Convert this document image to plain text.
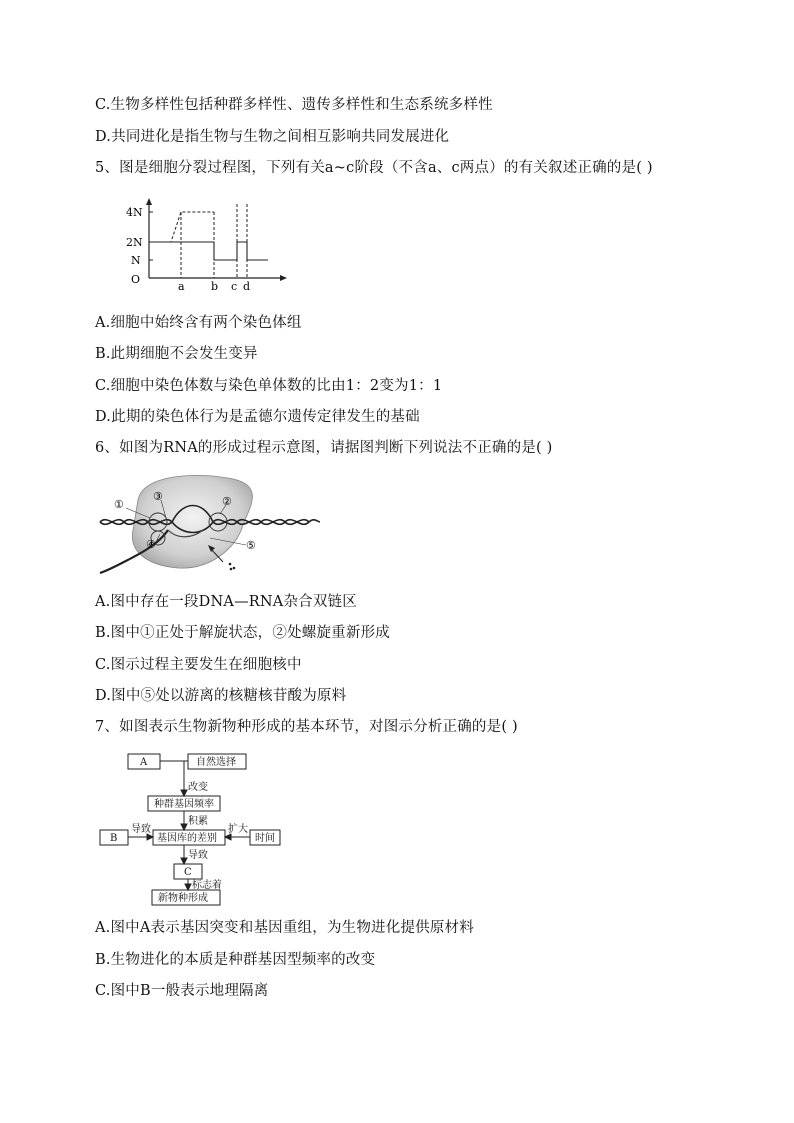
C.生物多样性包括种群多样性、遗传多样性和生态系统多样性
D.共同进化是指生物与生物之间相互影响共同发展进化
5、图是细胞分裂过程图，下列有关a~c阶段（不含a、c两点）的有关叙述正确的是( )
4N
2N
N
O
a b c d
A.细胞中始终含有两个染色体组
B.此期细胞不会发生变异
C.细胞中染色体数与染色单体数的比由1：2变为1：1
D.此期的染色体行为是孟德尔遗传定律发生的基础
6、如图为RNA的形成过程示意图，请据图判断下列说法不正确的是( )
①	②
③
④	⑤
A.图中存在一段DNA—RNA杂合双链区
B.图中①正处于解旋状态，②处螺旋重新形成
C.图示过程主要发生在细胞核中
D.图中⑤处以游离的核糖核苷酸为原料
7、如图表示生物新物种形成的基本环节，对图示分析正确的是( )
A	自然选择
改变
种群基因频率
积累
B
导致
基因库的差别
扩大
时间
导致
C
标志着
新物种形成
A.图中A表示基因突变和基因重组，为生物进化提供原材料
B.生物进化的本质是种群基因型频率的改变
C.图中B一般表示地理隔离
